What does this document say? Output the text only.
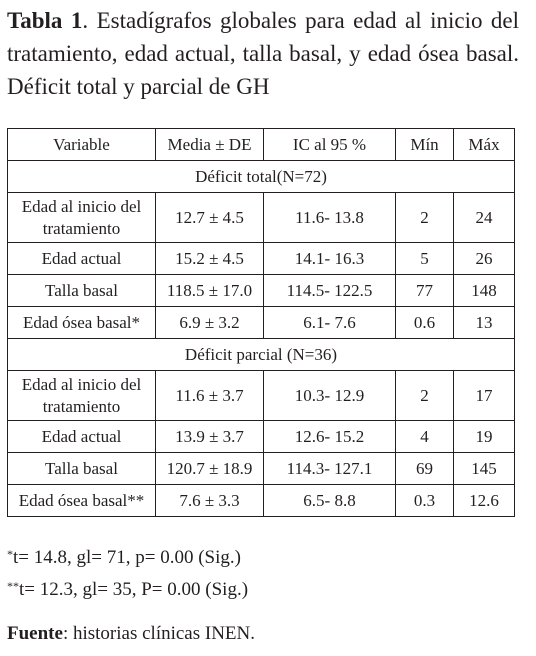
Tabla 1. Estadígrafos globales para edad al inicio del tratamiento, edad actual, talla basal, y edad ósea basal. Déficit total y parcial de GH
Variable	Media ± DE	IC al 95 %	Mín	Máx
Déficit total(N=72)				
Edad al inicio del tratamiento	12.7 ± 4.5	11.6- 13.8	2	24
Edad actual	15.2 ± 4.5	14.1- 16.3	5	26
Talla basal	118.5 ± 17.0	114.5- 122.5	77	148
Edad ósea basal*	6.9 ± 3.2	6.1- 7.6	0.6	13
Déficit parcial (N=36)				
Edad al inicio del tratamiento	11.6 ± 3.7	10.3- 12.9	2	17
Edad actual	13.9 ± 3.7	12.6- 15.2	4	19
Talla basal	120.7 ± 18.9	114.3- 127.1	69	145
Edad ósea basal**	7.6 ± 3.3	6.5- 8.8	0.3	12.6
*t= 14.8, gl= 71, p= 0.00 (Sig.)
**t= 12.3, gl= 35, P= 0.00 (Sig.)
Fuente: historias clínicas INEN.
